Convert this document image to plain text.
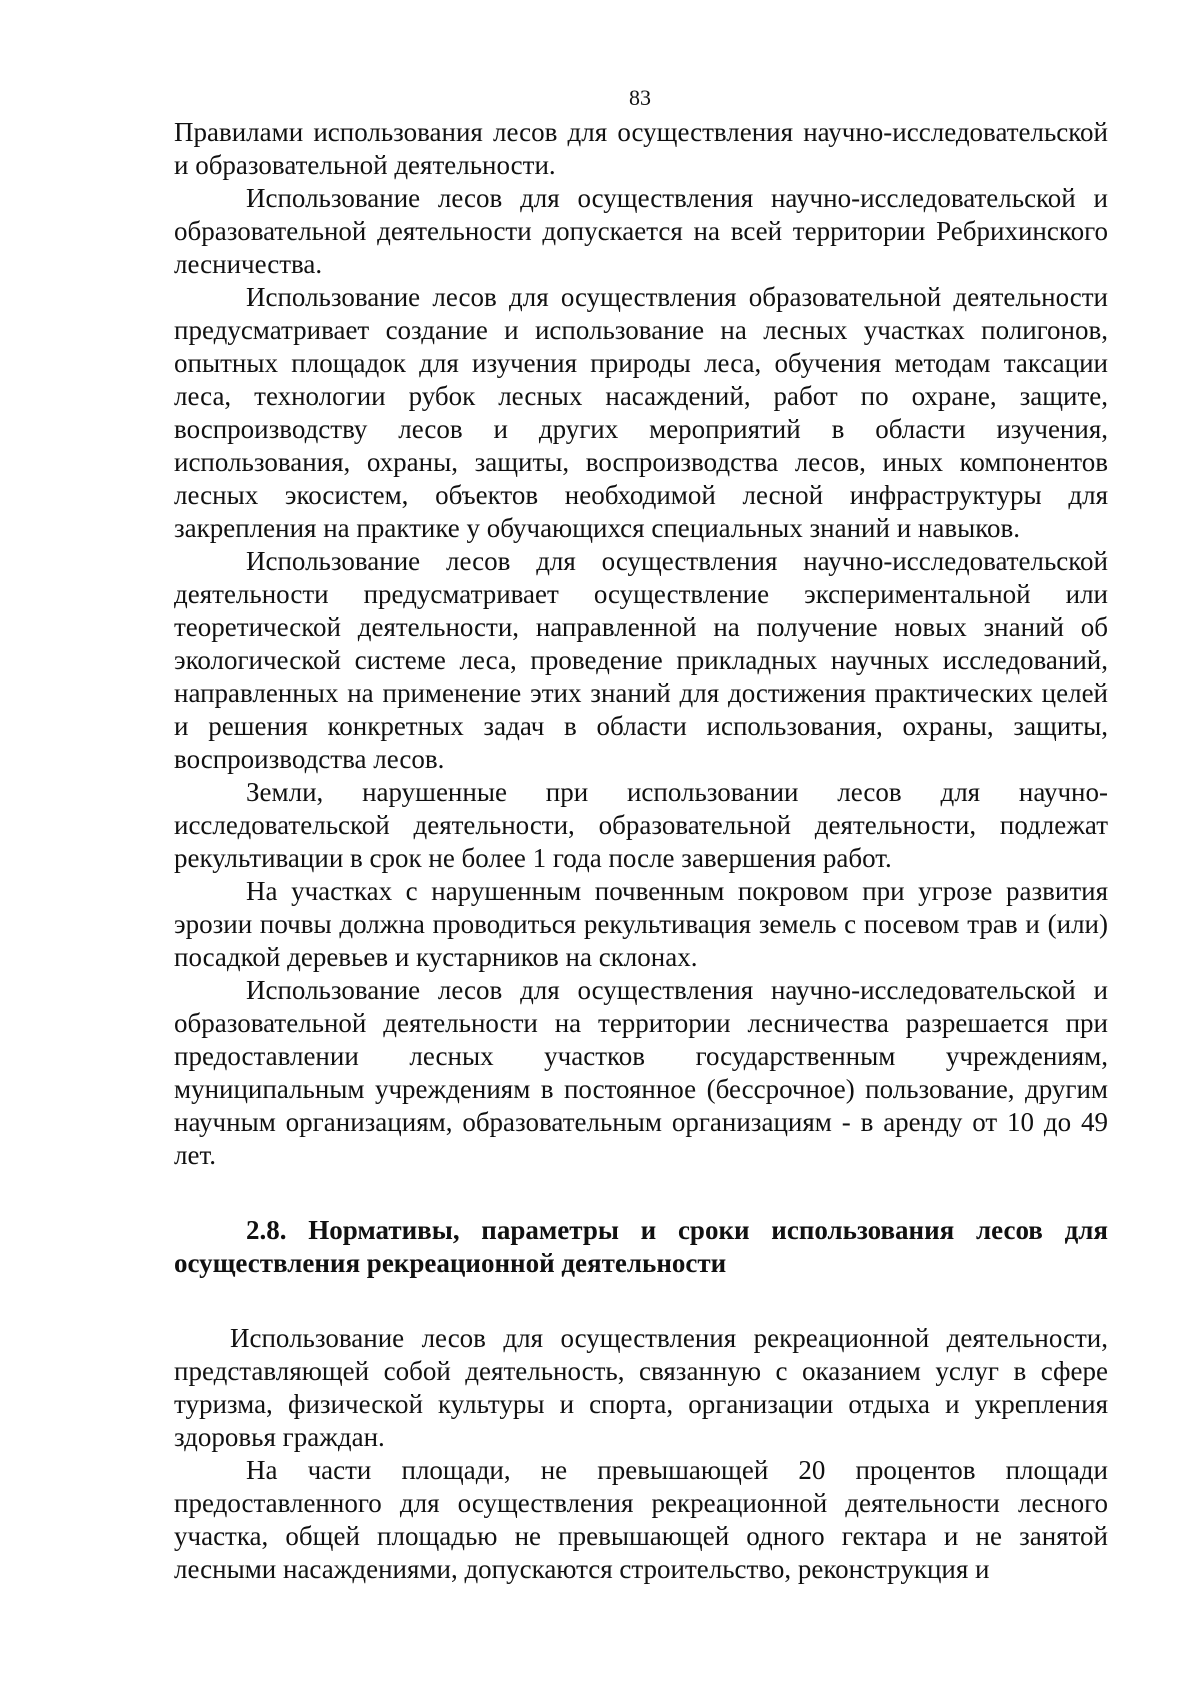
83

Правилами использования лесов для осуществления научно-исследовательской и образовательной деятельности.

Использование лесов для осуществления научно-исследовательской и образовательной деятельности допускается на всей территории Ребрихинского лесничества.

Использование лесов для осуществления образовательной деятельности предусматривает создание и использование на лесных участках полигонов, опытных площадок для изучения природы леса, обучения методам таксации леса, технологии рубок лесных насаждений, работ по охране, защите, воспроизводству лесов и других мероприятий в области изучения, использования, охраны, защиты, воспроизводства лесов, иных компонентов лесных экосистем, объектов необходимой лесной инфраструктуры для закрепления на практике у обучающихся специальных знаний и навыков.

Использование лесов для осуществления научно-исследовательской деятельности предусматривает осуществление экспериментальной или теоретической деятельности, направленной на получение новых знаний об экологической системе леса, проведение прикладных научных исследований, направленных на применение этих знаний для достижения практических целей и решения конкретных задач в области использования, охраны, защиты, воспроизводства лесов.

Земли, нарушенные при использовании лесов для научно-исследовательской деятельности, образовательной деятельности, подлежат рекультивации в срок не более 1 года после завершения работ.

На участках с нарушенным почвенным покровом при угрозе развития эрозии почвы должна проводиться рекультивация земель с посевом трав и (или) посадкой деревьев и кустарников на склонах.

Использование лесов для осуществления научно-исследовательской и образовательной деятельности на территории лесничества разрешается при предоставлении лесных участков государственным учреждениям, муниципальным учреждениям в постоянное (бессрочное) пользование, другим научным организациям, образовательным организациям - в аренду от 10 до 49 лет.

2.8. Нормативы, параметры и сроки использования лесов для осуществления рекреационной деятельности

Использование лесов для осуществления рекреационной деятельности, представляющей собой деятельность, связанную с оказанием услуг в сфере туризма, физической культуры и спорта, организации отдыха и укрепления здоровья граждан.

На части площади, не превышающей 20 процентов площади предоставленного для осуществления рекреационной деятельности лесного участка, общей площадью не превышающей одного гектара и не занятой лесными насаждениями, допускаются строительство, реконструкция и
